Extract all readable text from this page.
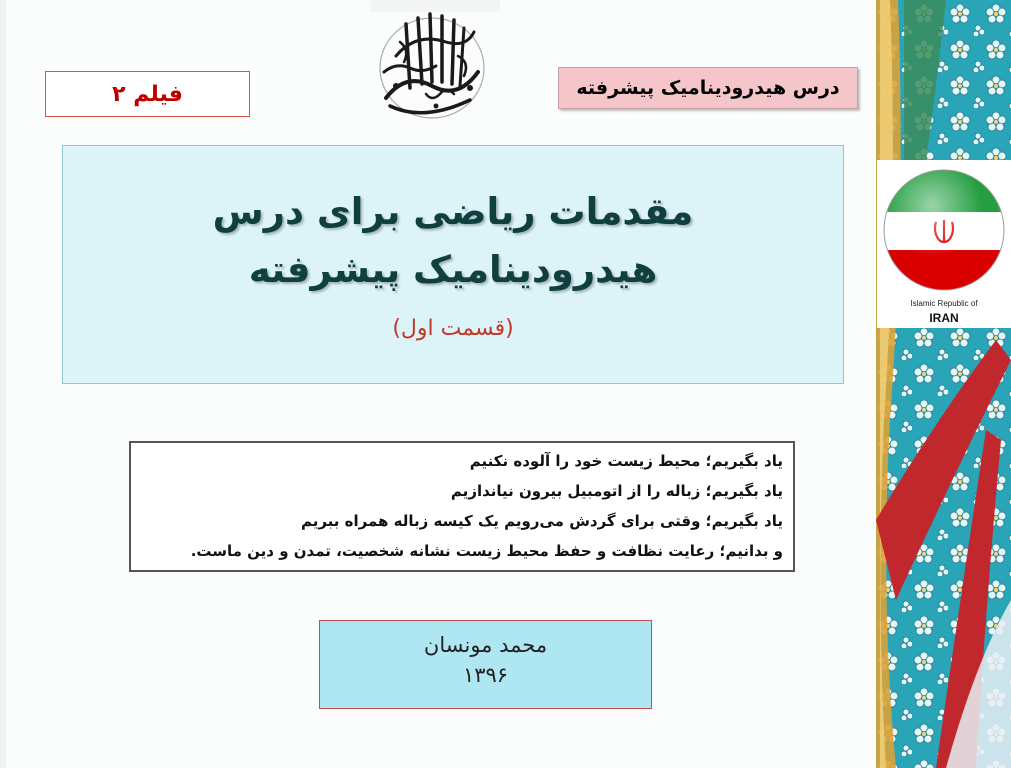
فیلم ۲	درس هیدرودینامیک پیشرفته
مقدمات ریاضی برای درس
هیدرودینامیک پیشرفته
(قسمت اول)
یاد بگیریم؛ محیط زیست خود را آلوده نکنیم
یاد بگیریم؛ زباله را از اتومبیل بیرون نیاندازیم
یاد بگیریم؛ وقتی برای گردش می‌رویم یک کیسه زباله همراه ببریم
و بدانیم؛ رعایت نظافت و حفظ محیط زیست نشانه شخصیت، تمدن و دین ماست.
محمد مونسان
۱۳۹۶
Islamic Republic of
IRAN
